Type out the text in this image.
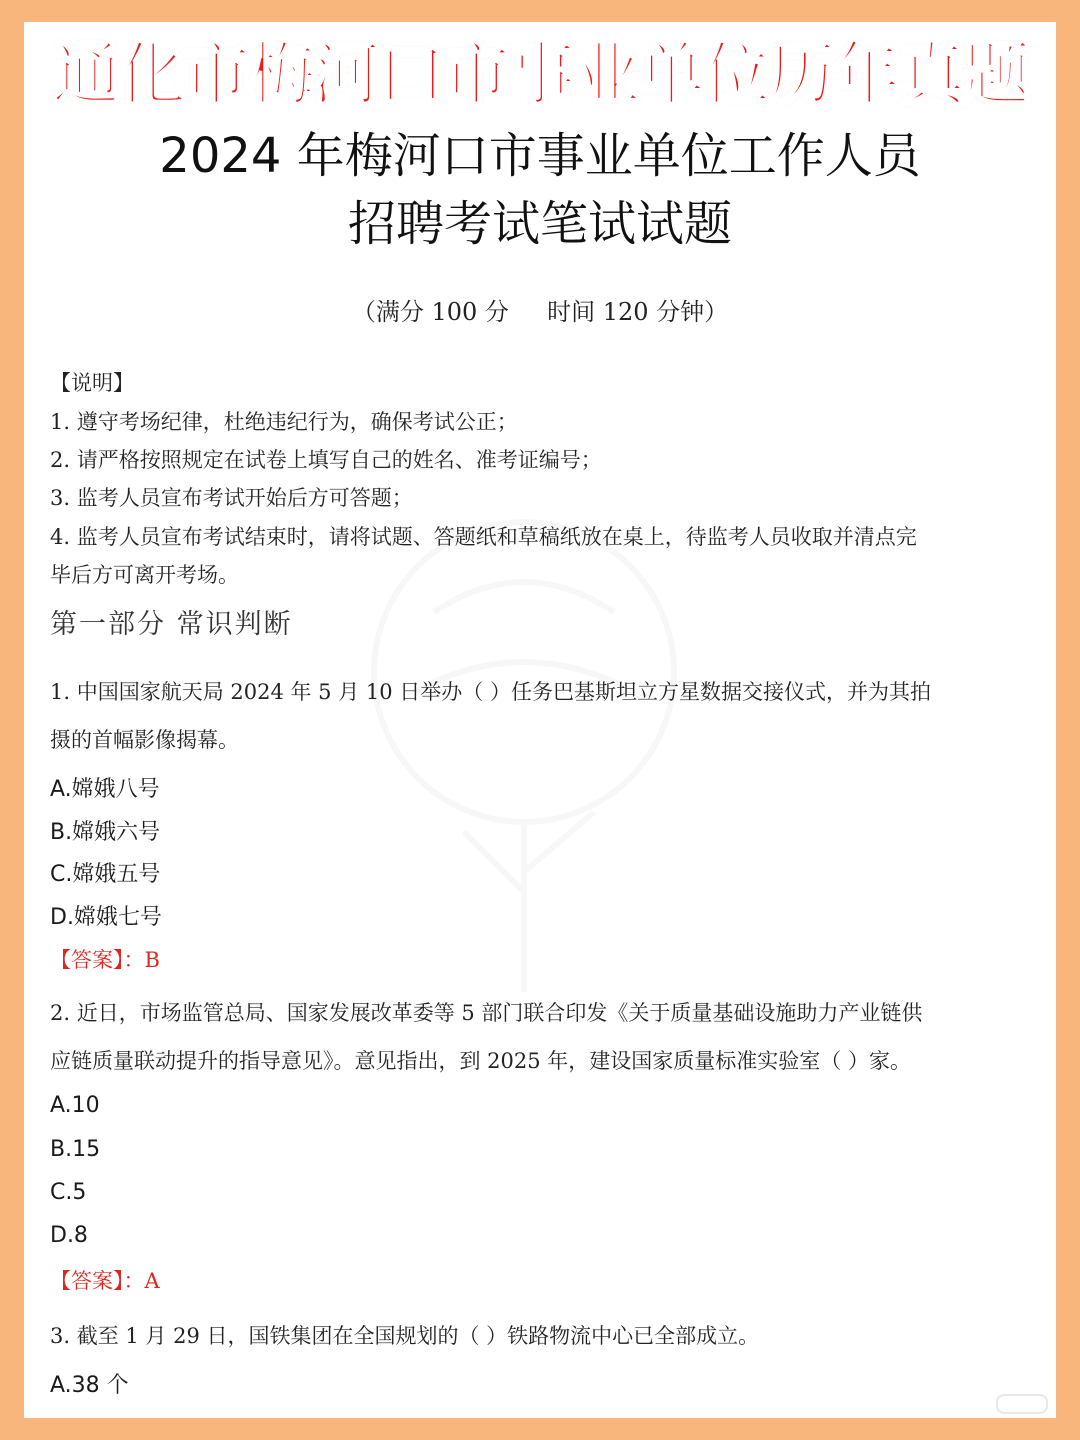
通化市梅河口市事业单位历年真题
2024 年梅河口市事业单位工作人员
招聘考试笔试试题
（满分 100 分     时间 120 分钟）
【说明】
1. 遵守考场纪律，杜绝违纪行为，确保考试公正；
2. 请严格按照规定在试卷上填写自己的姓名、准考证编号；
3. 监考人员宣布考试开始后方可答题；
4. 监考人员宣布考试结束时，请将试题、答题纸和草稿纸放在桌上，待监考人员收取并清点完
毕后方可离开考场。
第一部分 常识判断
1. 中国国家航天局 2024 年 5 月 10 日举办（ ）任务巴基斯坦立方星数据交接仪式，并为其拍
摄的首幅影像揭幕。
A.嫦娥八号
B.嫦娥六号
C.嫦娥五号
D.嫦娥七号
【答案】：B
2. 近日，市场监管总局、国家发展改革委等 5 部门联合印发《关于质量基础设施助力产业链供
应链质量联动提升的指导意见》。意见指出，到 2025 年，建设国家质量标准实验室（ ）家。
A.10
B.15
C.5
D.8
【答案】：A
3. 截至 1 月 29 日，国铁集团在全国规划的（ ）铁路物流中心已全部成立。
A.38 个
